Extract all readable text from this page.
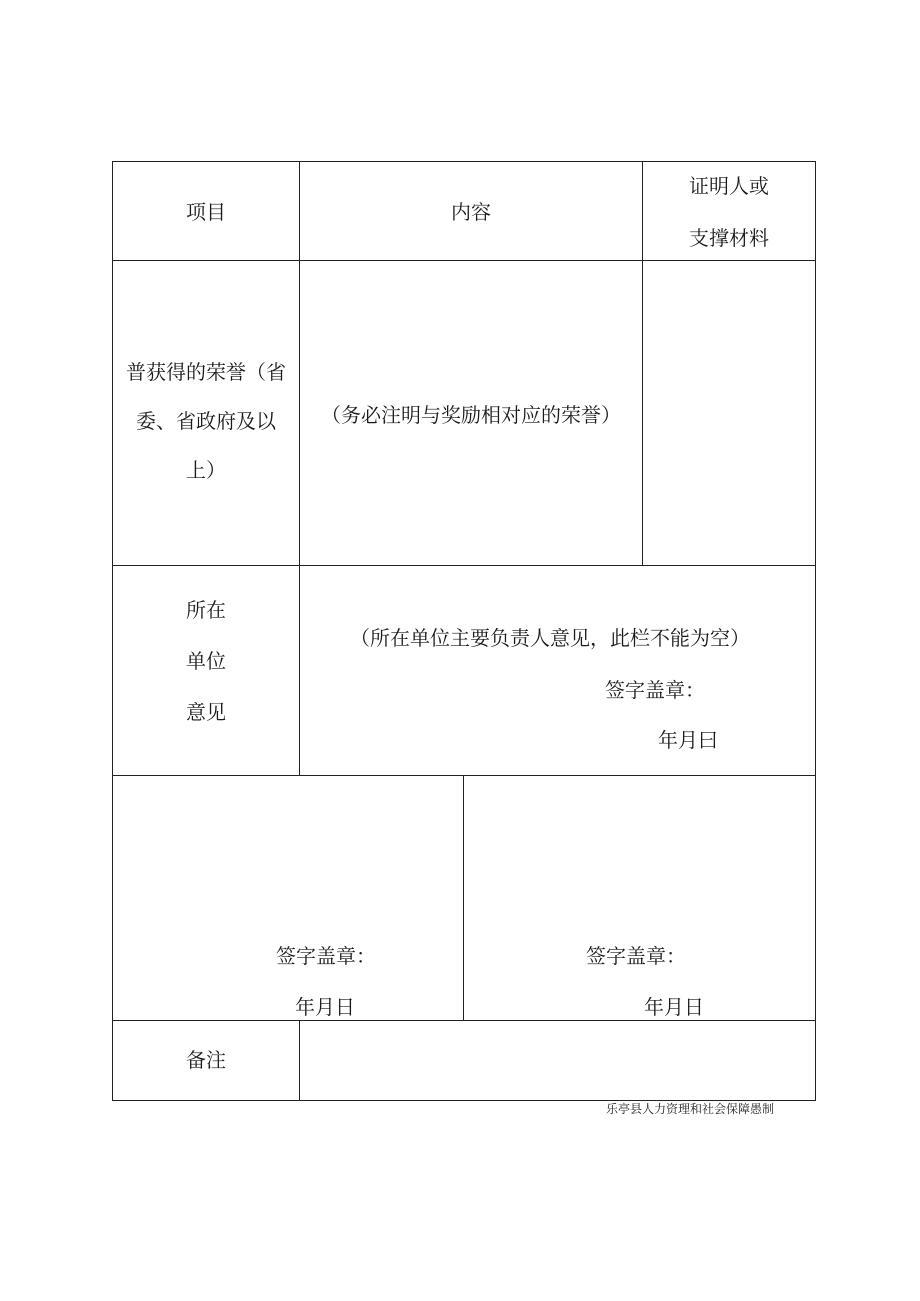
项目	内容
证明人或
支撑材料
普获得的荣誉（省
委、省政府及以
上）
（务必注明与奖励相对应的荣誉）
所在
单位
意见
（所在单位主要负责人意见，此栏不能为空）
签字盖章：
年月曰
签字盖章：
年月日
签字盖章：
年月日
备注
乐亭县人力资理和社会保障愚制
